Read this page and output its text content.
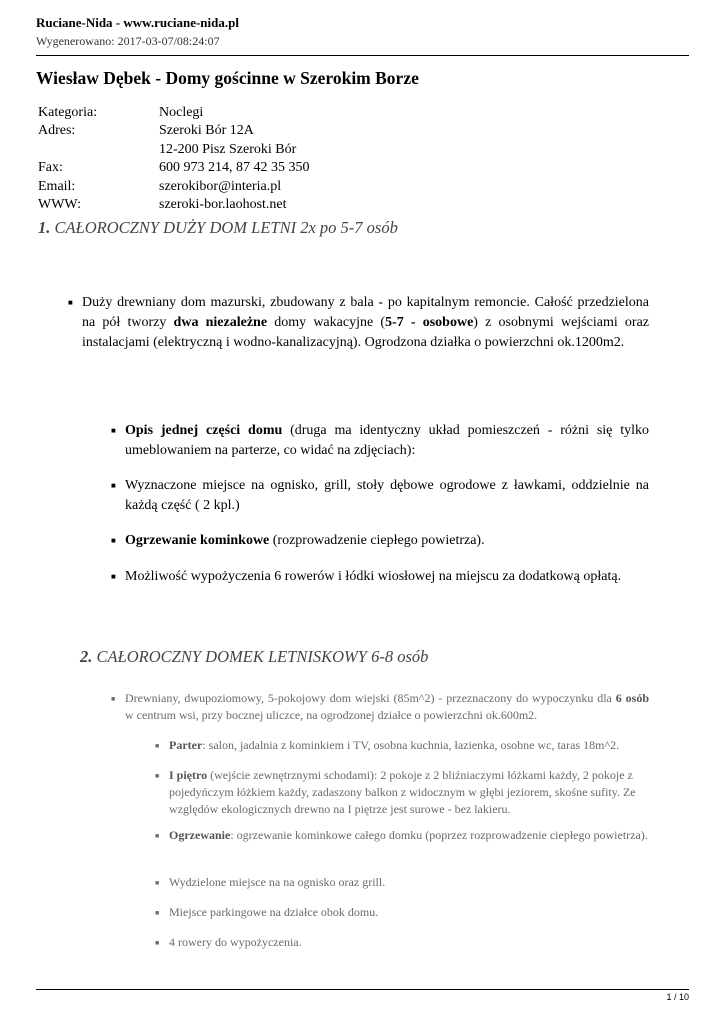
Ruciane-Nida - www.ruciane-nida.pl
Wygenerowano: 2017-03-07/08:24:07
Wiesław Dębek - Domy gościnne w Szerokim Borze
Kategoria:	Noclegi
Adres:	Szeroki Bór 12A
12-200 Pisz Szeroki Bór
Fax:	600 973 214, 87 42 35 350
Email:	szerokibor@interia.pl
WWW:	szeroki-bor.laohost.net
1. CAŁOROCZNY DUŻY DOM LETNI 2x po 5-7 osób
■ Duży drewniany dom mazurski, zbudowany z bala - po kapitalnym remoncie. Całość przedzielona na pół tworzy dwa niezależne domy wakacyjne (5-7 - osobowe) z osobnymi wejściami oraz instalacjami (elektryczną i wodno-kanalizacyjną). Ogrodzona działka o powierzchni ok.1200m2.
■ Opis jednej części domu (druga ma identyczny układ pomieszczeń - różni się tylko umeblowaniem na parterze, co widać na zdjęciach):
■ Wyznaczone miejsce na ognisko, grill, stoły dębowe ogrodowe z ławkami, oddzielnie na każdą część ( 2 kpl.)
■ Ogrzewanie kominkowe (rozprowadzenie ciepłego powietrza).
■ Możliwość wypożyczenia 6 rowerów i łódki wiosłowej na miejscu za dodatkową opłatą.
2. CAŁOROCZNY DOMEK LETNISKOWY 6-8 osób
■ Drewniany, dwupoziomowy, 5-pokojowy dom wiejski (85m^2) - przeznaczony do wypoczynku dla 6 osób w centrum wsi, przy bocznej uliczce, na ogrodzonej działce o powierzchni ok.600m2.
■ Parter: salon, jadalnia z kominkiem i TV, osobna kuchnia, łazienka, osobne wc, taras 18m^2.
■ I piętro (wejście zewnętrznymi schodami): 2 pokoje z 2 bliźniaczymi łóżkami każdy, 2 pokoje z pojedyńczym łóżkiem każdy, zadaszony balkon z widocznym w głębi jeziorem, skośne sufity. Ze względów ekologicznych drewno na I piętrze jest surowe - bez lakieru.
■ Ogrzewanie: ogrzewanie kominkowe całego domku (poprzez rozprowadzenie ciepłego powietrza).
■ Wydzielone miejsce na na ognisko oraz grill.
■ Miejsce parkingowe na działce obok domu.
■ 4 rowery do wypożyczenia.
1 / 10
